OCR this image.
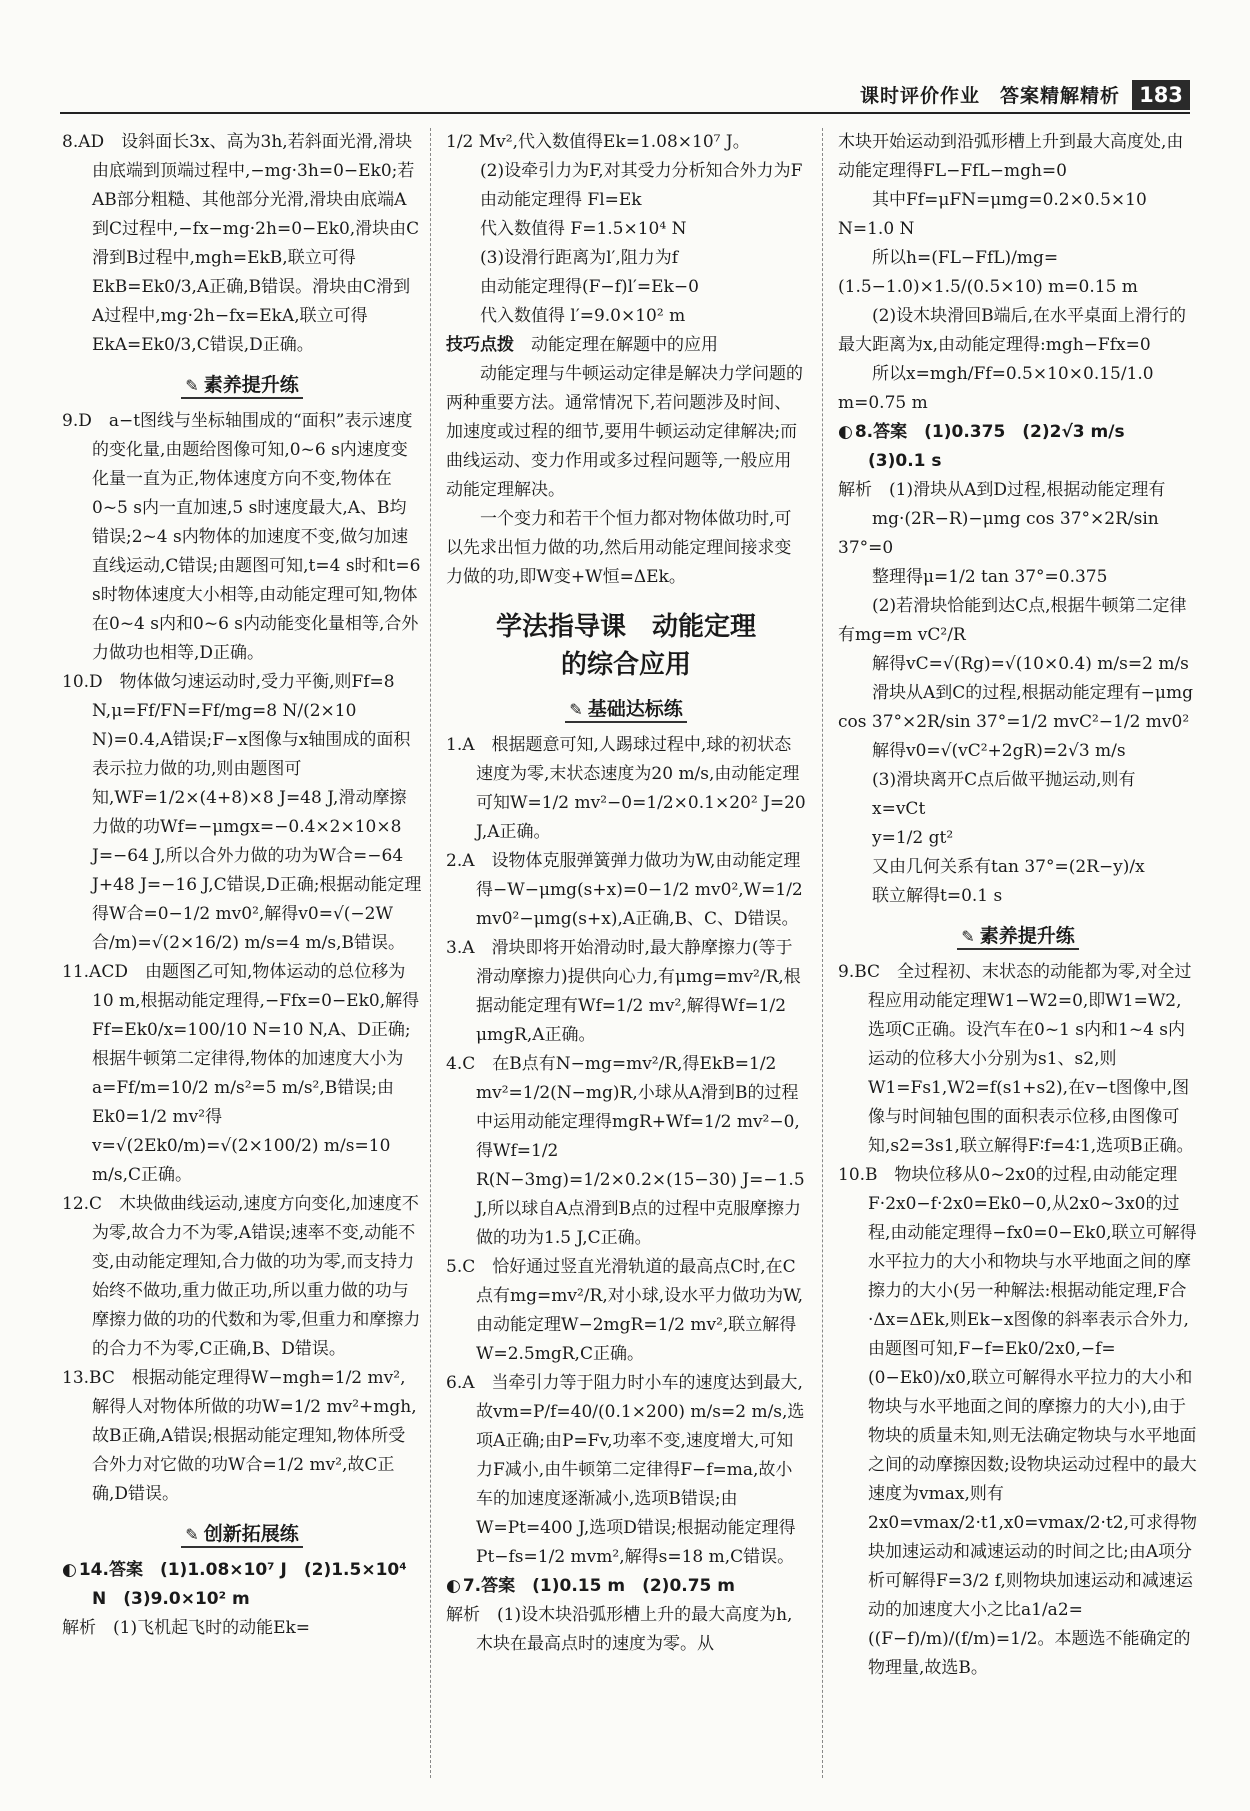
课时评价作业　答案精解精析 183

8.AD　设斜面长3x、高为3h,若斜面光滑,滑块由底端到顶端过程中,−mg·3h=0−Ek0;若AB部分粗糙、其他部分光滑,滑块由底端A到C过程中,−fx−mg·2h=0−Ek0,滑块由C滑到B过程中,mgh=EkB,联立可得EkB=Ek0/3,A正确,B错误。滑块由C滑到A过程中,mg·2h−fx=EkA,联立可得EkA=Ek0/3,C错误,D正确。

✎ 素养提升练

9.D　a−t图线与坐标轴围成的“面积”表示速度的变化量,由题给图像可知,0~6 s内速度变化量一直为正,物体速度方向不变,物体在0~5 s内一直加速,5 s时速度最大,A、B均错误;2~4 s内物体的加速度不变,做匀加速直线运动,C错误;由题图可知,t=4 s时和t=6 s时物体速度大小相等,由动能定理可知,物体在0~4 s内和0~6 s内动能变化量相等,合外力做功也相等,D正确。

10.D　物体做匀速运动时,受力平衡,则Ff=8 N,μ=Ff/FN=Ff/mg=8 N/(2×10 N)=0.4,A错误;F−x图像与x轴围成的面积表示拉力做的功,则由题图可知,WF=1/2×(4+8)×8 J=48 J,滑动摩擦力做的功Wf=−μmgx=−0.4×2×10×8 J=−64 J,所以合外力做的功为W合=−64 J+48 J=−16 J,C错误,D正确;根据动能定理得W合=0−1/2 mv0²,解得v0=√(−2W合/m)=√(2×16/2) m/s=4 m/s,B错误。

11.ACD　由题图乙可知,物体运动的总位移为10 m,根据动能定理得,−Ffx=0−Ek0,解得Ff=Ek0/x=100/10 N=10 N,A、D正确;根据牛顿第二定律得,物体的加速度大小为a=Ff/m=10/2 m/s²=5 m/s²,B错误;由Ek0=1/2 mv²得v=√(2Ek0/m)=√(2×100/2) m/s=10 m/s,C正确。

12.C　木块做曲线运动,速度方向变化,加速度不为零,故合力不为零,A错误;速率不变,动能不变,由动能定理知,合力做的功为零,而支持力始终不做功,重力做正功,所以重力做的功与摩擦力做的功的代数和为零,但重力和摩擦力的合力不为零,C正确,B、D错误。

13.BC　根据动能定理得W−mgh=1/2 mv²,解得人对物体所做的功W=1/2 mv²+mgh,故B正确,A错误;根据动能定理知,物体所受合外力对它做的功W合=1/2 mv²,故C正确,D错误。

✎ 创新拓展练

◐ 14.答案　(1)1.08×10⁷ J　(2)1.5×10⁴ N　(3)9.0×10² m

解析　(1)飞机起飞时的动能Ek=

1/2 Mv²,代入数值得Ek=1.08×10⁷ J。

(2)设牵引力为F,对其受力分析知合外力为F

由动能定理得 Fl=Ek

代入数值得 F=1.5×10⁴ N

(3)设滑行距离为l′,阻力为f

由动能定理得(F−f)l′=Ek−0

代入数值得 l′=9.0×10² m

技巧点拨　 动能定理在解题中的应用

动能定理与牛顿运动定律是解决力学问题的两种重要方法。通常情况下,若问题涉及时间、加速度或过程的细节,要用牛顿运动定律解决;而曲线运动、变力作用或多过程问题等,一般应用动能定理解决。

一个变力和若干个恒力都对物体做功时,可以先求出恒力做的功,然后用动能定理间接求变力做的功,即W变+W恒=ΔEk。

学法指导课　动能定理
的综合应用
✎ 基础达标练

1.A　根据题意可知,人踢球过程中,球的初状态速度为零,末状态速度为20 m/s,由动能定理可知W=1/2 mv²−0=1/2×0.1×20² J=20 J,A正确。

2.A　设物体克服弹簧弹力做功为W,由动能定理得−W−μmg(s+x)=0−1/2 mv0²,W=1/2 mv0²−μmg(s+x),A正确,B、C、D错误。

3.A　滑块即将开始滑动时,最大静摩擦力(等于滑动摩擦力)提供向心力,有μmg=mv²/R,根据动能定理有Wf=1/2 mv²,解得Wf=1/2 μmgR,A正确。

4.C　在B点有N−mg=mv²/R,得EkB=1/2 mv²=1/2(N−mg)R,小球从A滑到B的过程中运用动能定理得mgR+Wf=1/2 mv²−0,得Wf=1/2 R(N−3mg)=1/2×0.2×(15−30) J=−1.5 J,所以球自A点滑到B点的过程中克服摩擦力做的功为1.5 J,C正确。

5.C　恰好通过竖直光滑轨道的最高点C时,在C点有mg=mv²/R,对小球,设水平力做功为W,由动能定理W−2mgR=1/2 mv²,联立解得W=2.5mgR,C正确。

6.A　当牵引力等于阻力时小车的速度达到最大,故vm=P/f=40/(0.1×200) m/s=2 m/s,选项A正确;由P=Fv,功率不变,速度增大,可知力F减小,由牛顿第二定律得F−f=ma,故小车的加速度逐渐减小,选项B错误;由W=Pt=400 J,选项D错误;根据动能定理得Pt−fs=1/2 mvm²,解得s=18 m,C错误。

◐ 7.答案　(1)0.15 m　(2)0.75 m

解析　(1)设木块沿弧形槽上升的最大高度为h,木块在最高点时的速度为零。从

木块开始运动到沿弧形槽上升到最大高度处,由动能定理得FL−FfL−mgh=0

其中Ff=μFN=μmg=0.2×0.5×10 N=1.0 N

所以h=(FL−FfL)/mg=(1.5−1.0)×1.5/(0.5×10) m=0.15 m

(2)设木块滑回B端后,在水平桌面上滑行的最大距离为x,由动能定理得:mgh−Ffx=0

所以x=mgh/Ff=0.5×10×0.15/1.0 m=0.75 m

◐ 8.答案　(1)0.375　(2)2√3 m/s　(3)0.1 s

解析　(1)滑块从A到D过程,根据动能定理有

mg·(2R−R)−μmg cos 37°×2R/sin 37°=0

整理得μ=1/2 tan 37°=0.375

(2)若滑块恰能到达C点,根据牛顿第二定律有mg=m vC²/R

解得vC=√(Rg)=√(10×0.4) m/s=2 m/s

滑块从A到C的过程,根据动能定理有−μmg cos 37°×2R/sin 37°=1/2 mvC²−1/2 mv0²

解得v0=√(vC²+2gR)=2√3 m/s

(3)滑块离开C点后做平抛运动,则有

x=vCt

y=1/2 gt²

又由几何关系有tan 37°=(2R−y)/x

联立解得t=0.1 s

✎ 素养提升练

9.BC　全过程初、末状态的动能都为零,对全过程应用动能定理W1−W2=0,即W1=W2,选项C正确。设汽车在0~1 s内和1~4 s内运动的位移大小分别为s1、s2,则W1=Fs1,W2=f(s1+s2),在v−t图像中,图像与时间轴包围的面积表示位移,由图像可知,s2=3s1,联立解得F∶f=4∶1,选项B正确。

10.B　物块位移从0~2x0的过程,由动能定理F·2x0−f·2x0=Ek0−0,从2x0~3x0的过程,由动能定理得−fx0=0−Ek0,联立可解得水平拉力的大小和物块与水平地面之间的摩擦力的大小(另一种解法:根据动能定理,F合·Δx=ΔEk,则Ek−x图像的斜率表示合外力,由题图可知,F−f=Ek0/2x0,−f=(0−Ek0)/x0,联立可解得水平拉力的大小和物块与水平地面之间的摩擦力的大小),由于物块的质量未知,则无法确定物块与水平地面之间的动摩擦因数;设物块运动过程中的最大速度为vmax,则有2x0=vmax/2·t1,x0=vmax/2·t2,可求得物块加速运动和减速运动的时间之比;由A项分析可解得F=3/2 f,则物块加速运动和减速运动的加速度大小之比a1/a2=((F−f)/m)/(f/m)=1/2。本题选不能确定的物理量,故选B。
